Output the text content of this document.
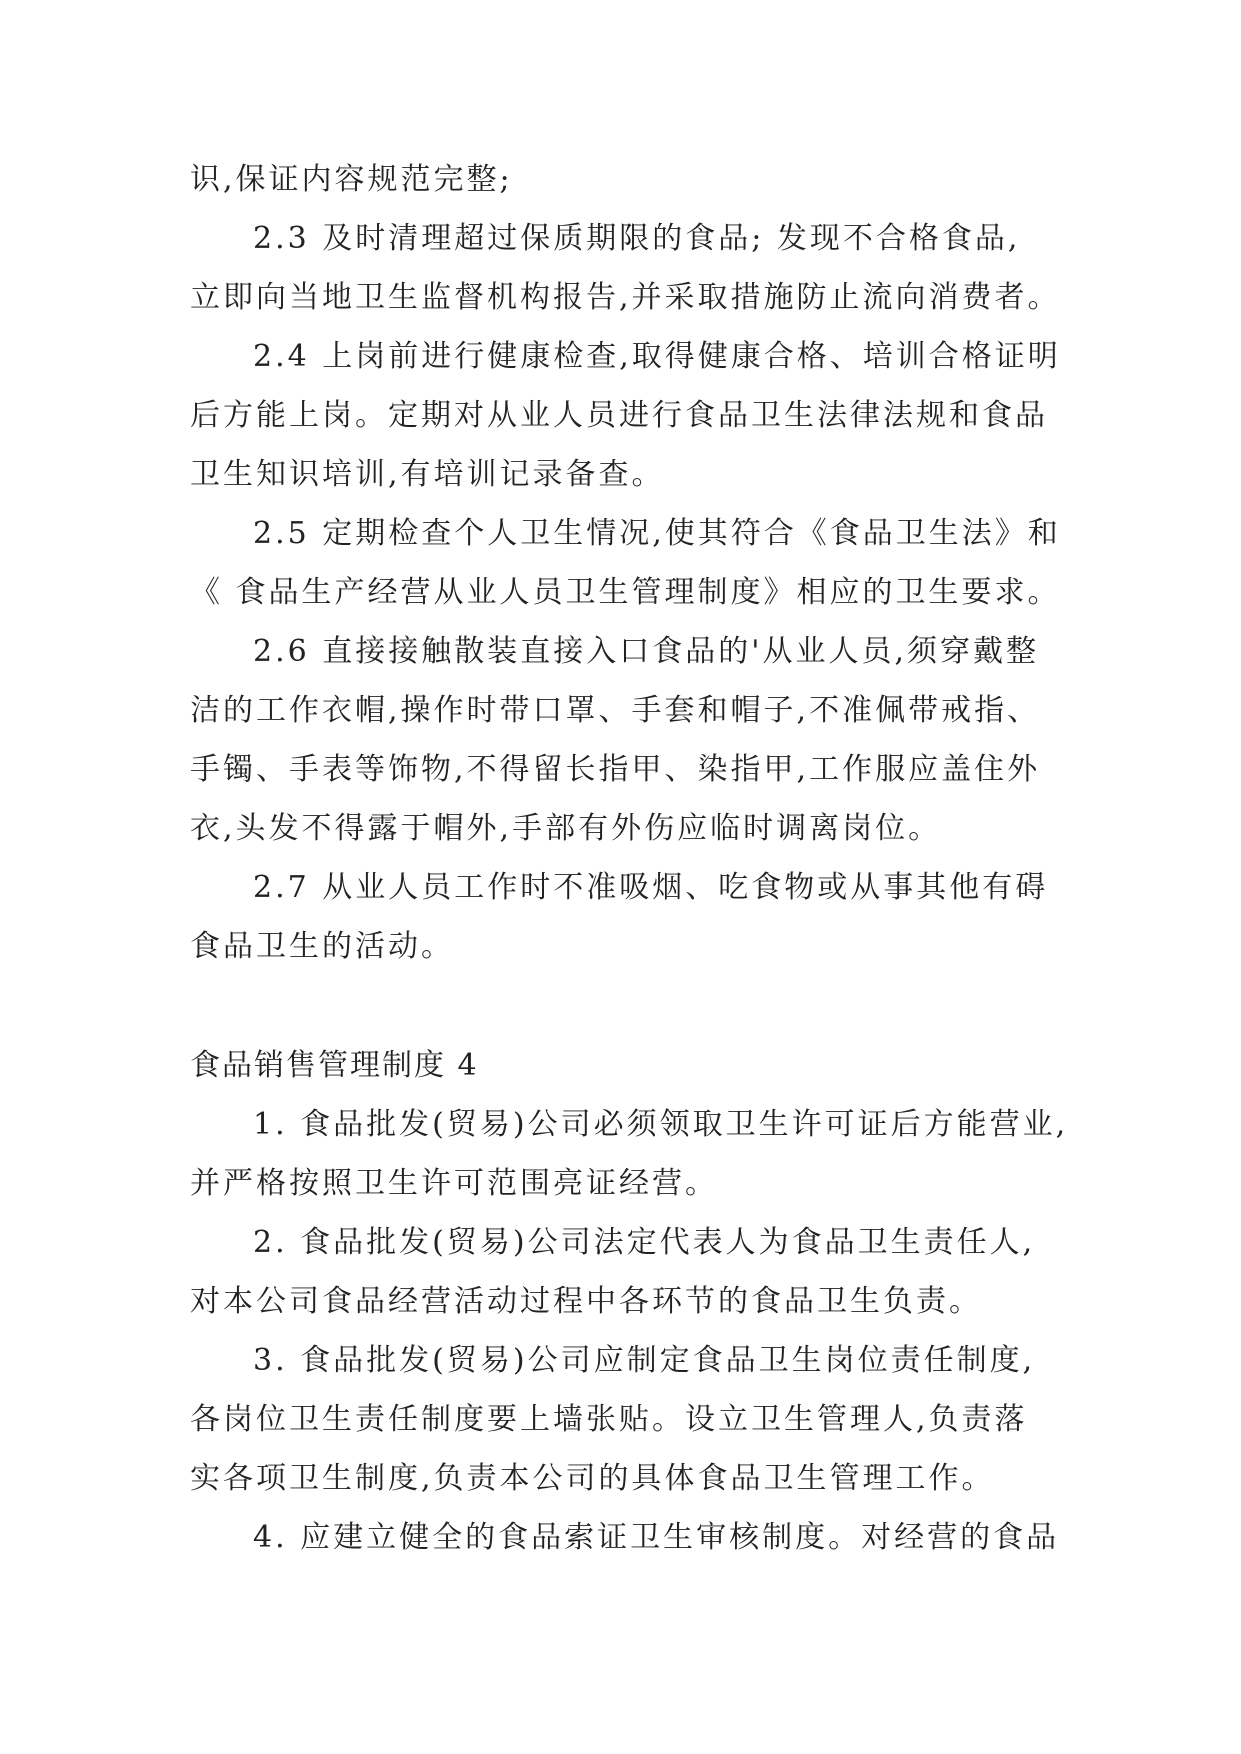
识,保证内容规范完整;
2.3 及时清理超过保质期限的食品; 发现不合格食品,
立即向当地卫生监督机构报告,并采取措施防止流向消费者。
2.4 上岗前进行健康检查,取得健康合格、培训合格证明
后方能上岗。定期对从业人员进行食品卫生法律法规和食品
卫生知识培训,有培训记录备查。
2.5 定期检查个人卫生情况,使其符合《食品卫生法》和
《 食品生产经营从业人员卫生管理制度》相应的卫生要求。
2.6 直接接触散装直接入口食品的'从业人员,须穿戴整
洁的工作衣帽,操作时带口罩、手套和帽子,不准佩带戒指、
手镯、手表等饰物,不得留长指甲、染指甲,工作服应盖住外
衣,头发不得露于帽外,手部有外伤应临时调离岗位。
2.7 从业人员工作时不准吸烟、吃食物或从事其他有碍
食品卫生的活动。
食品销售管理制度 4
1. 食品批发(贸易)公司必须领取卫生许可证后方能营业,
并严格按照卫生许可范围亮证经营。
2. 食品批发(贸易)公司法定代表人为食品卫生责任人,
对本公司食品经营活动过程中各环节的食品卫生负责。
3. 食品批发(贸易)公司应制定食品卫生岗位责任制度,
各岗位卫生责任制度要上墙张贴。设立卫生管理人,负责落
实各项卫生制度,负责本公司的具体食品卫生管理工作。
4. 应建立健全的食品索证卫生审核制度。对经营的食品
